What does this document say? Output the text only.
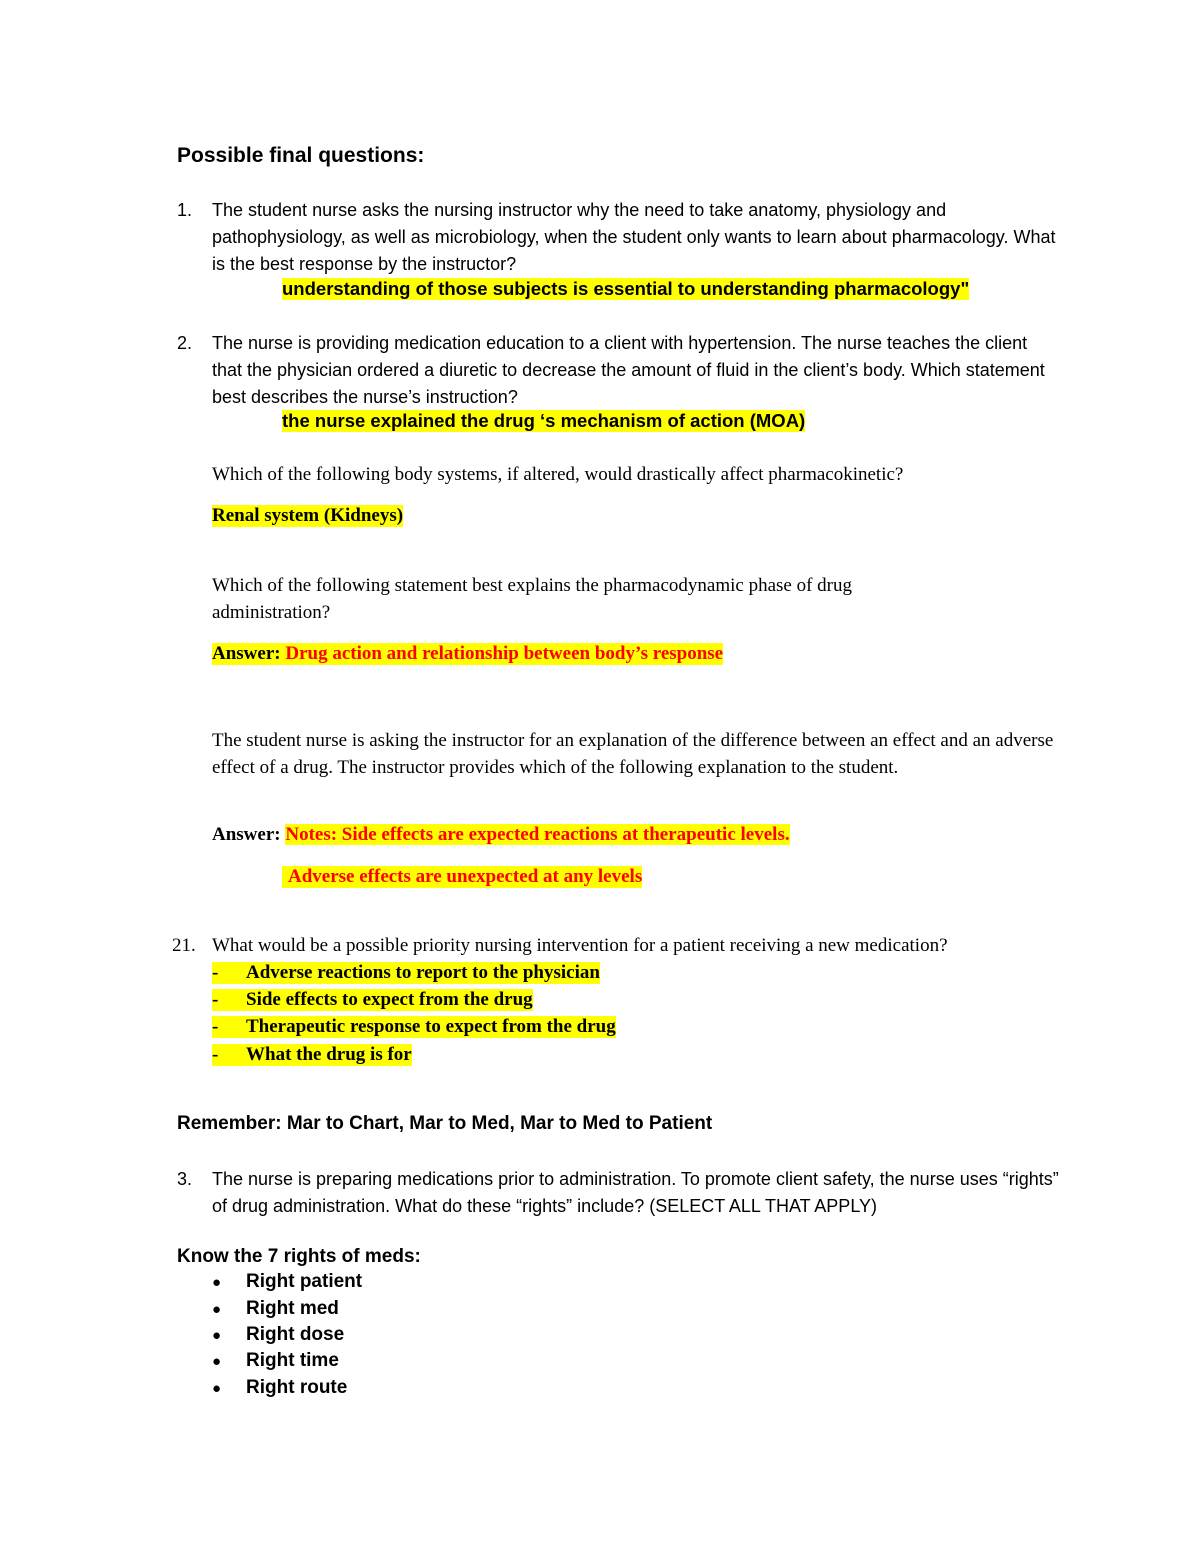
Possible final questions:
1. The student nurse asks the nursing instructor why the need to take anatomy, physiology and pathophysiology, as well as microbiology, when the student only wants to learn about pharmacology. What is the best response by the instructor?
understanding of those subjects is essential to understanding pharmacology"
2. The nurse is providing medication education to a client with hypertension. The nurse teaches the client that the physician ordered a diuretic to decrease the amount of fluid in the client’s body. Which statement best describes the nurse’s instruction?
the nurse explained the drug ‘s mechanism of action (MOA)
Which of the following body systems, if altered, would drastically affect pharmacokinetic?
Renal system (Kidneys)
Which of the following statement best explains the pharmacodynamic phase of drug administration?
Answer: Drug action and relationship between body’s response
The student nurse is asking the instructor for an explanation of the difference between an effect and an adverse effect of a drug. The instructor provides which of the following explanation to the student.
Answer: Notes: Side effects are expected reactions at therapeutic levels.
Adverse effects are unexpected at any levels
21. What would be a possible priority nursing intervention for a patient receiving a new medication?
- Adverse reactions to report to the physician
- Side effects to expect from the drug
- Therapeutic response to expect from the drug
- What the drug is for
Remember: Mar to Chart, Mar to Med, Mar to Med to Patient
3. The nurse is preparing medications prior to administration. To promote client safety, the nurse uses “rights” of drug administration. What do these “rights” include? (SELECT ALL THAT APPLY)
Know the 7 rights of meds:
● Right patient
● Right med
● Right dose
● Right time
● Right route
